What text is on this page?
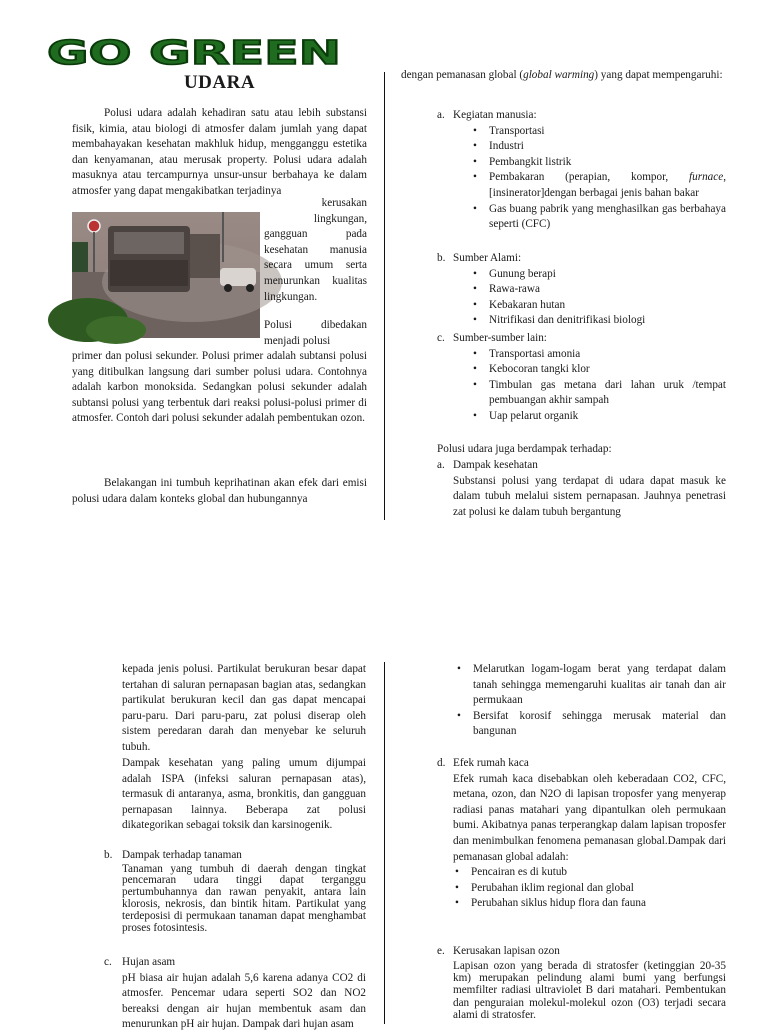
GO GREEN
UDARA
Polusi udara adalah kehadiran satu atau lebih substansi fisik, kimia, atau biologi di atmosfer dalam jumlah yang dapat membahayakan kesehatan makhluk hidup, mengganggu estetika dan kenyamanan, atau merusak property. Polusi udara adalah masuknya atau tercampurnya unsur-unsur berbahaya ke dalam atmosfer yang dapat mengakibatkan terjadinya
kerusakan
lingkungan,
gangguan pada
kesehatan manusia
secara umum serta
menurunkan kualitas
lingkungan.
Polusi dibedakan menjadi polusi
primer dan polusi sekunder. Polusi primer adalah subtansi polusi yang ditibulkan langsung dari sumber polusi udara. Contohnya adalah karbon monoksida. Sedangkan polusi sekunder adalah subtansi polusi yang terbentuk dari reaksi polusi-polusi primer di atmosfer. Contoh dari polusi sekunder adalah pembentukan ozon.
Belakangan ini tumbuh keprihatinan akan efek dari emisi polusi udara dalam konteks global dan hubungannya
dengan pemanasan global (global warming) yang dapat mempengaruhi:
a. Kegiatan manusia:
• Transportasi
• Industri
• Pembangkit listrik
• Pembakaran (perapian, kompor, furnace,[insinerator]dengan berbagai jenis bahan bakar
• Gas buang pabrik yang menghasilkan gas berbahaya seperti (CFC)
b. Sumber Alami:
• Gunung berapi
• Rawa-rawa
• Kebakaran hutan
• Nitrifikasi dan denitrifikasi biologi
c. Sumber-sumber lain:
• Transportasi amonia
• Kebocoran tangki klor
• Timbulan gas metana dari lahan uruk /tempat pembuangan akhir sampah
• Uap pelarut organik
Polusi udara juga berdampak terhadap:
a. Dampak kesehatan
Substansi polusi yang terdapat di udara dapat masuk ke dalam tubuh melalui sistem pernapasan. Jauhnya penetrasi zat polusi ke dalam tubuh bergantung
kepada jenis polusi. Partikulat berukuran besar dapat tertahan di saluran pernapasan bagian atas, sedangkan partikulat berukuran kecil dan gas dapat mencapai paru-paru. Dari paru-paru, zat polusi diserap oleh sistem peredaran darah dan menyebar ke seluruh tubuh.
Dampak kesehatan yang paling umum dijumpai adalah ISPA (infeksi saluran pernapasan atas), termasuk di antaranya, asma, bronkitis, dan gangguan pernapasan lainnya. Beberapa zat polusi dikategorikan sebagai toksik dan karsinogenik.
b. Dampak terhadap tanaman
Tanaman yang tumbuh di daerah dengan tingkat pencemaran udara tinggi dapat terganggu pertumbuhannya dan rawan penyakit, antara lain klorosis, nekrosis, dan bintik hitam. Partikulat yang terdeposisi di permukaan tanaman dapat menghambat proses fotosintesis.
c. Hujan asam
pH biasa air hujan adalah 5,6 karena adanya CO2 di atmosfer. Pencemar udara seperti SO2 dan NO2 bereaksi dengan air hujan membentuk asam dan menurunkan pH air hujan. Dampak dari hujan asam
• Melarutkan logam-logam berat yang terdapat dalam tanah sehingga memengaruhi kualitas air tanah dan air permukaan
• Bersifat korosif sehingga merusak material dan bangunan
d. Efek rumah kaca
Efek rumah kaca disebabkan oleh keberadaan CO2, CFC, metana, ozon, dan N2O di lapisan troposfer yang menyerap radiasi panas matahari yang dipantulkan oleh permukaan bumi. Akibatnya panas terperangkap dalam lapisan troposfer dan menimbulkan fenomena pemanasan global.Dampak dari pemanasan global adalah:
• Pencairan es di kutub
• Perubahan iklim regional dan global
• Perubahan siklus hidup flora dan fauna
e. Kerusakan lapisan ozon
Lapisan ozon yang berada di stratosfer (ketinggian 20-35 km) merupakan pelindung alami bumi yang berfungsi memfilter radiasi ultraviolet B dari matahari. Pembentukan dan penguraian molekul-molekul ozon (O3) terjadi secara alami di stratosfer.
